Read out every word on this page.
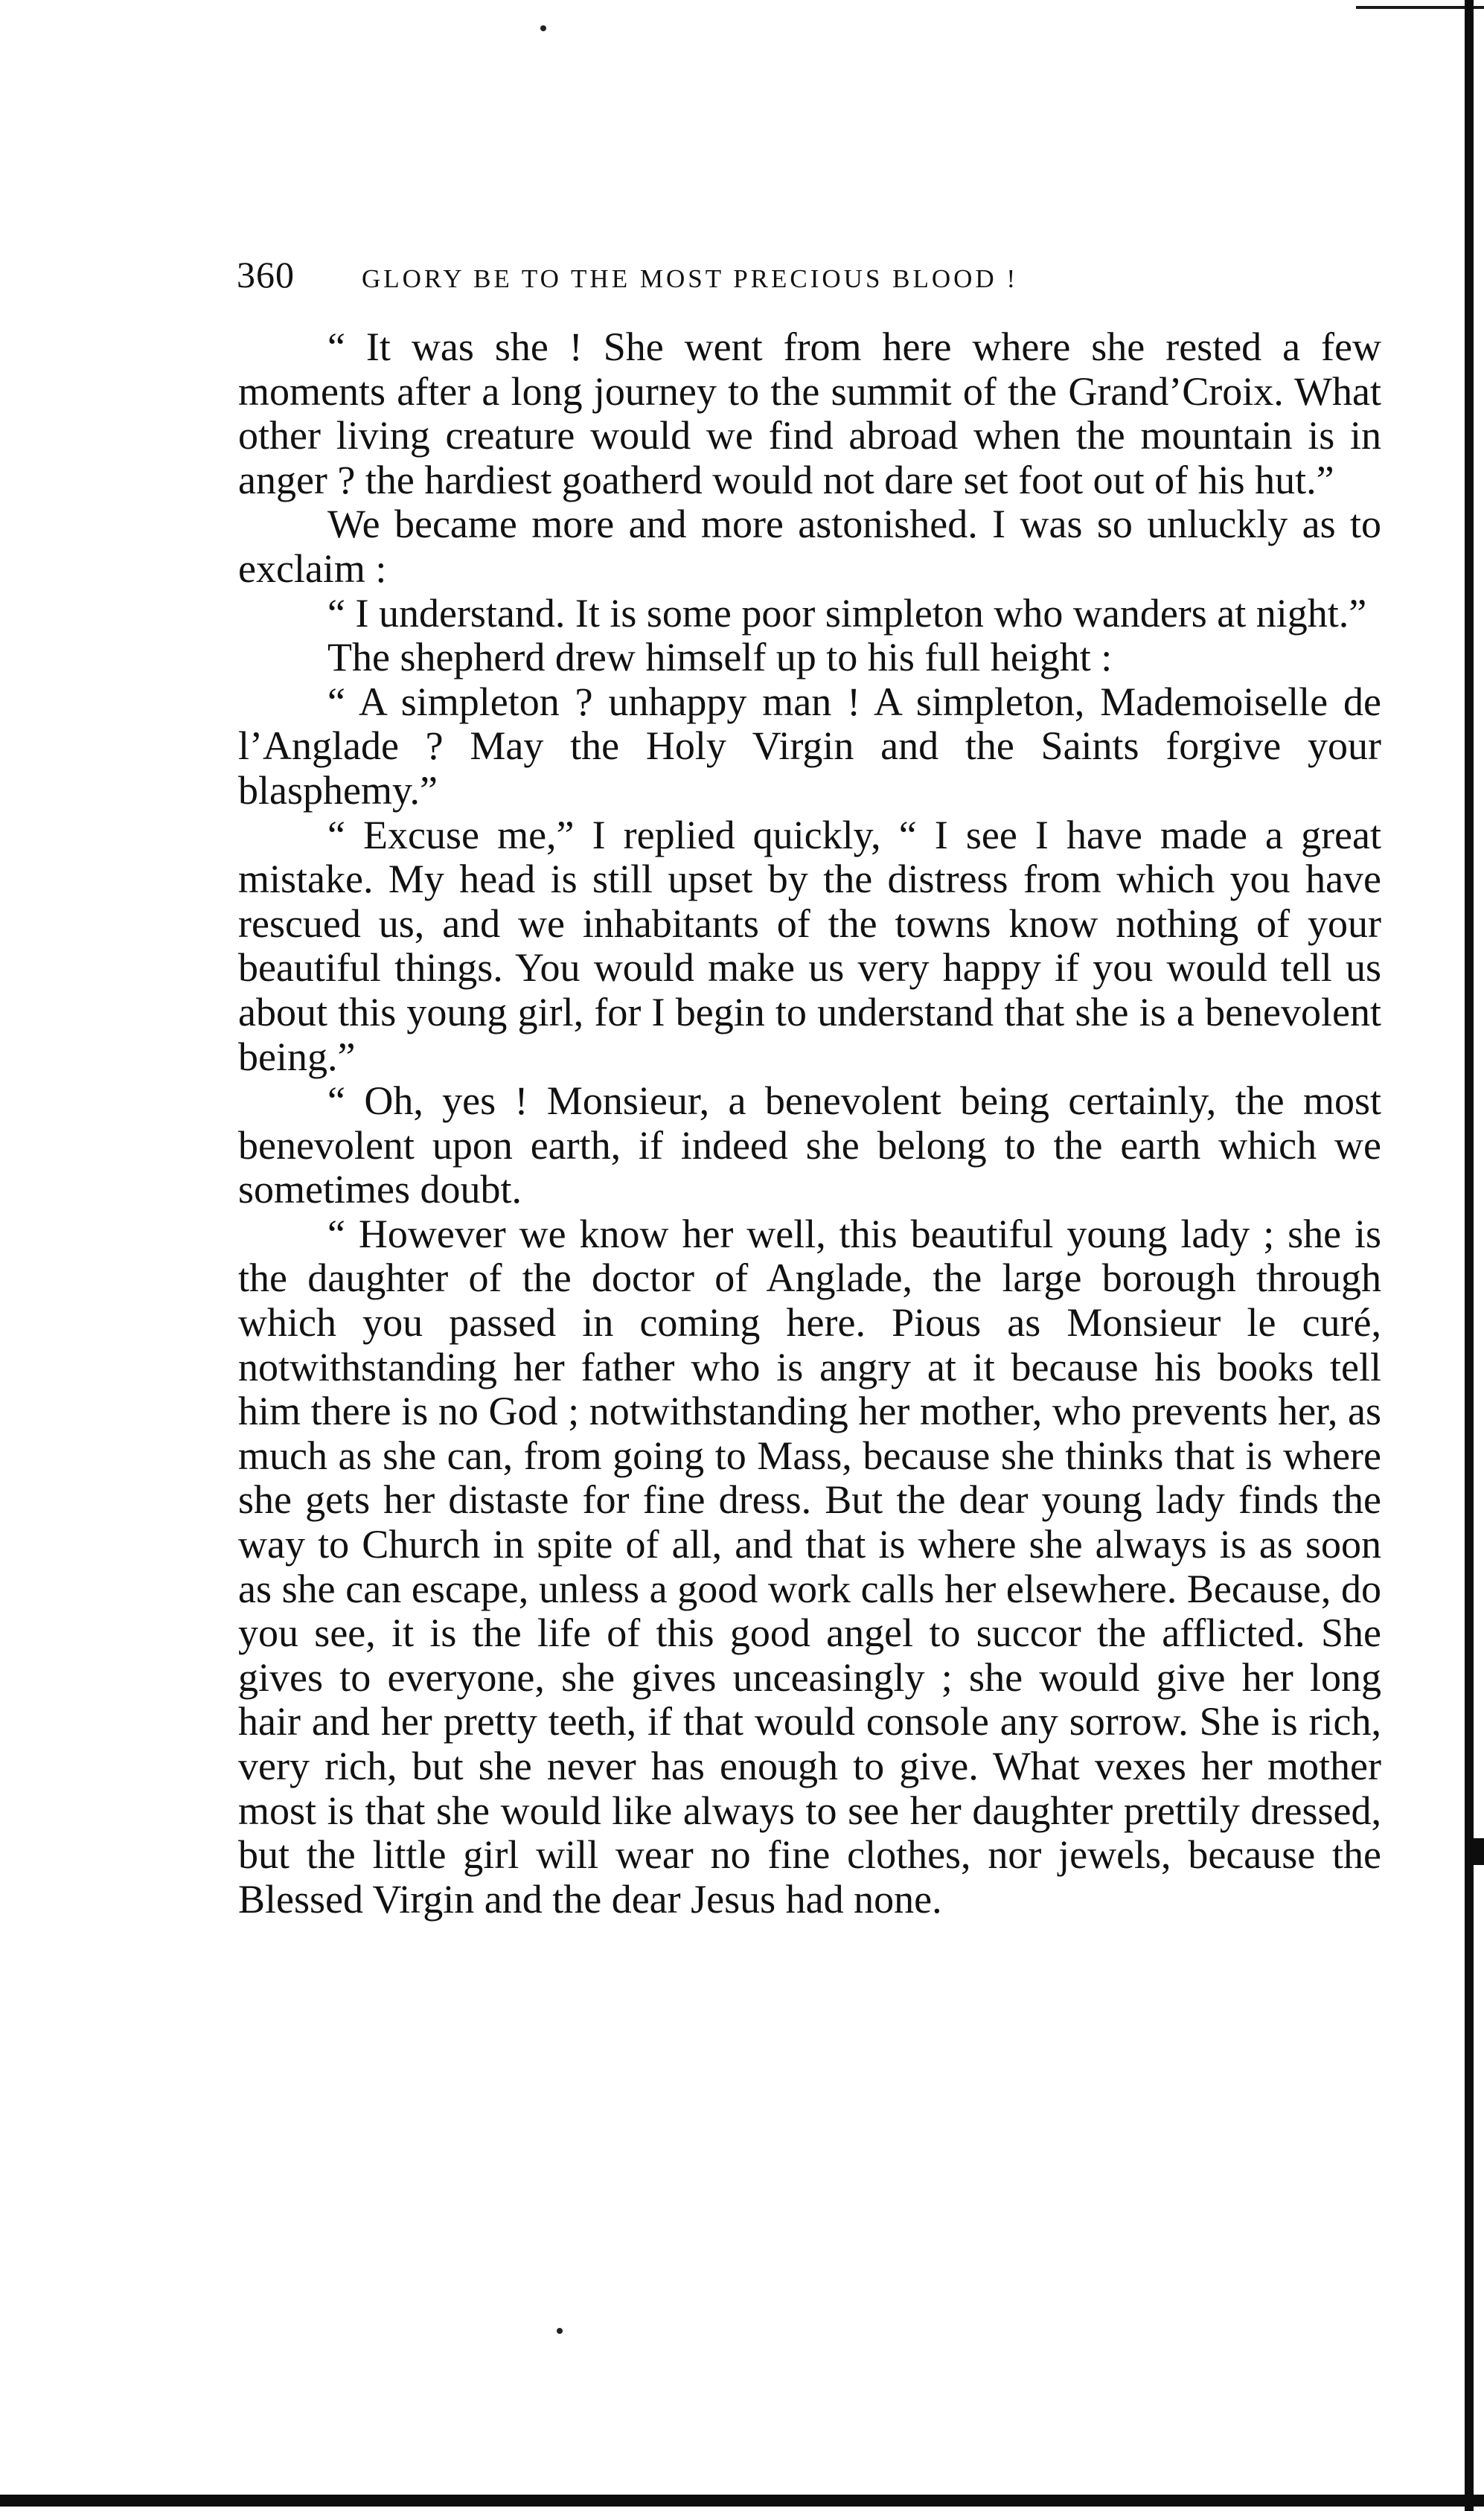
360	GLORY BE TO THE MOST PRECIOUS BLOOD !

“ It was she ! She went from here where she rested a few moments after a long journey to the summit of the Grand’Croix. What other living creature would we find abroad when the mountain is in anger ? the hardiest goatherd would not dare set foot out of his hut.”

We became more and more astonished. I was so unluckly as to exclaim :

“ I understand. It is some poor simpleton who wanders at night.”

The shepherd drew himself up to his full height :

“ A simpleton ? unhappy man ! A simpleton, Mademoiselle de l’Anglade ? May the Holy Virgin and the Saints forgive your blasphemy.”

“ Excuse me,” I replied quickly, “ I see I have made a great mistake. My head is still upset by the distress from which you have rescued us, and we inhabitants of the towns know nothing of your beautiful things. You would make us very happy if you would tell us about this young girl, for I begin to understand that she is a benevolent being.”

“ Oh, yes ! Monsieur, a benevolent being certainly, the most benevolent upon earth, if indeed she belong to the earth which we sometimes doubt.

“ However we know her well, this beautiful young lady ; she is the daughter of the doctor of Anglade, the large borough through which you passed in coming here. Pious as Monsieur le curé, notwithstanding her father who is angry at it because his books tell him there is no God ; notwithstanding her mother, who prevents her, as much as she can, from going to Mass, because she thinks that is where she gets her distaste for fine dress. But the dear young lady finds the way to Church in spite of all, and that is where she always is as soon as she can escape, unless a good work calls her elsewhere. Because, do you see, it is the life of this good angel to succor the afflicted. She gives to everyone, she gives unceasingly ; she would give her long hair and her pretty teeth, if that would console any sorrow. She is rich, very rich, but she never has enough to give. What vexes her mother most is that she would like always to see her daughter prettily dressed, but the little girl will wear no fine clothes, nor jewels, because the Blessed Virgin and the dear Jesus had none.
